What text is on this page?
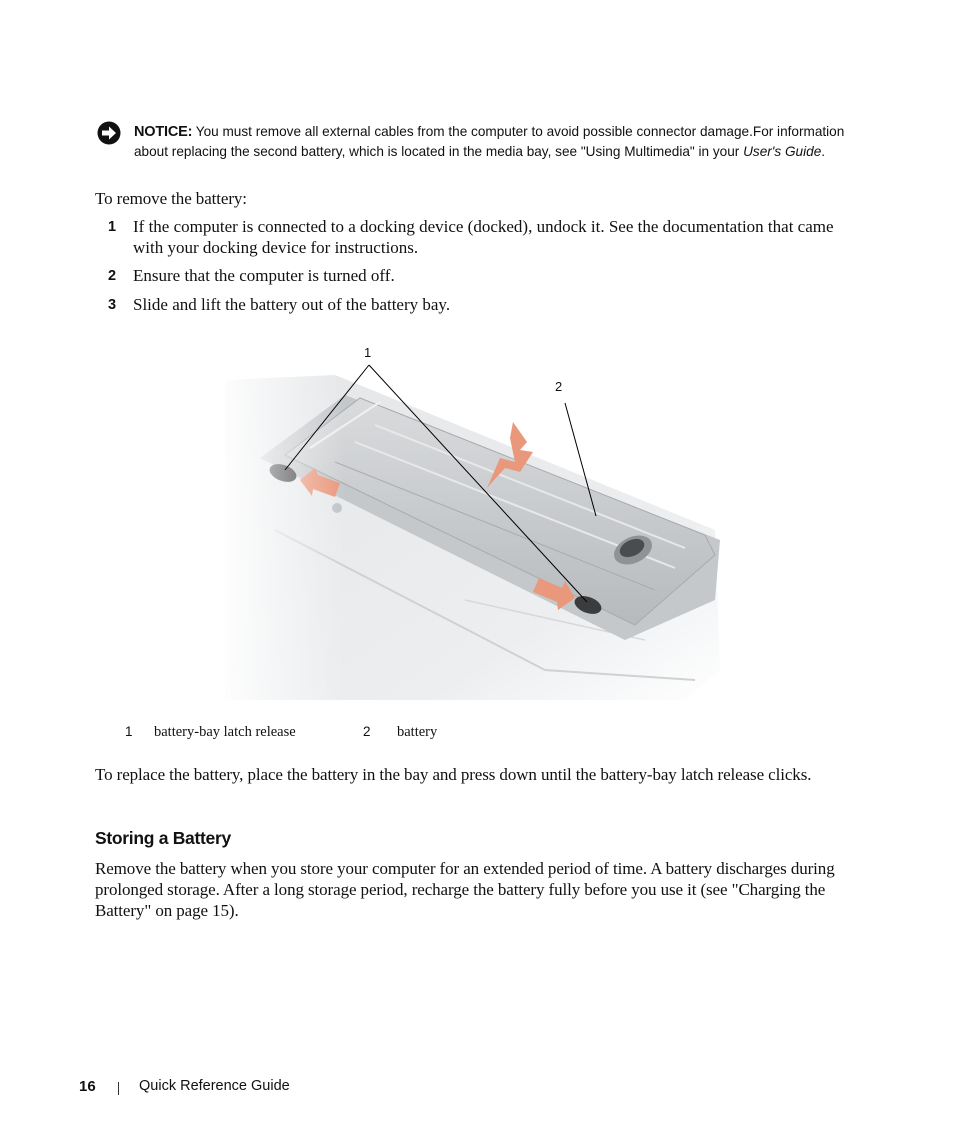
NOTICE: You must remove all external cables from the computer to avoid possible connector damage.For information about replacing the second battery, which is located in the media bay, see "Using Multimedia" in your User's Guide.
To remove the battery:
1 If the computer is connected to a docking device (docked), undock it. See the documentation that came with your docking device for instructions.
2 Ensure that the computer is turned off.
3 Slide and lift the battery out of the battery bay.
1
2
1 battery-bay latch release	2 battery
To replace the battery, place the battery in the bay and press down until the battery-bay latch release clicks.
Storing a Battery
Remove the battery when you store your computer for an extended period of time. A battery discharges during prolonged storage. After a long storage period, recharge the battery fully before you use it (see "Charging the Battery" on page 15).
16	Quick Reference Guide
